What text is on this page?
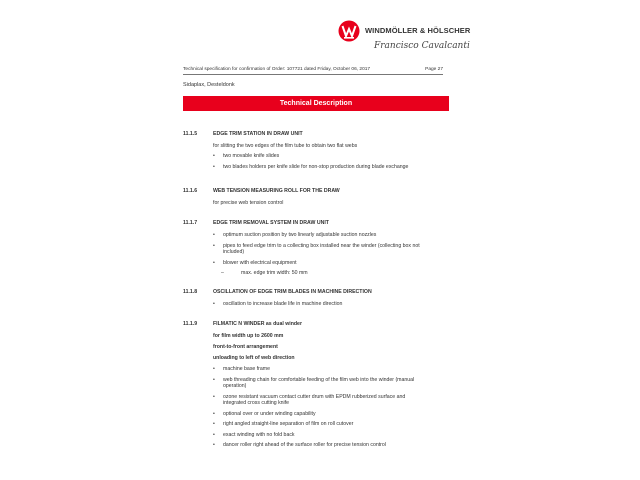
WINDMÖLLER & HÖLSCHER
Francisco Cavalcanti
Technical specification for confirmation of Order: 107721 dated Friday, October 06, 2017	Page 27
Sidaplax, Desteldonk
Technical Description
11.1.5	EDGE TRIM STATION IN DRAW UNIT
for slitting the two edges of the film tube to obtain two flat webs
• two movable knife slides
• two blades holders per knife slide for non-stop production during blade exchange
11.1.6	WEB TENSION MEASURING ROLL FOR THE DRAW
for precise web tension control
11.1.7	EDGE TRIM REMOVAL SYSTEM IN DRAW UNIT
• optimum suction position by two linearly adjustable suction nozzles
• pipes to feed edge trim to a collecting box installed near the winder (collecting box not included)
• blower with electrical equipment
– max. edge trim width: 50 mm
11.1.8	OSCILLATION OF EDGE TRIM BLADES IN MACHINE DIRECTION
• oscillation to increase blade life in machine direction
11.1.9	FILMATIC N WINDER as dual winder
for film width up to 2600 mm
front-to-front arrangement
unloading to left of web direction
• machine base frame
• web threading chain for comfortable feeding of the film web into the winder (manual operation)
• ozone resistant vacuum contact cutter drum with EPDM rubberized surface and integrated cross cutting knife
• optional over or under winding capability
• right angled straight-line separation of film on roll cutover
• exact winding with no fold back
• dancer roller right ahead of the surface roller for precise tension control
